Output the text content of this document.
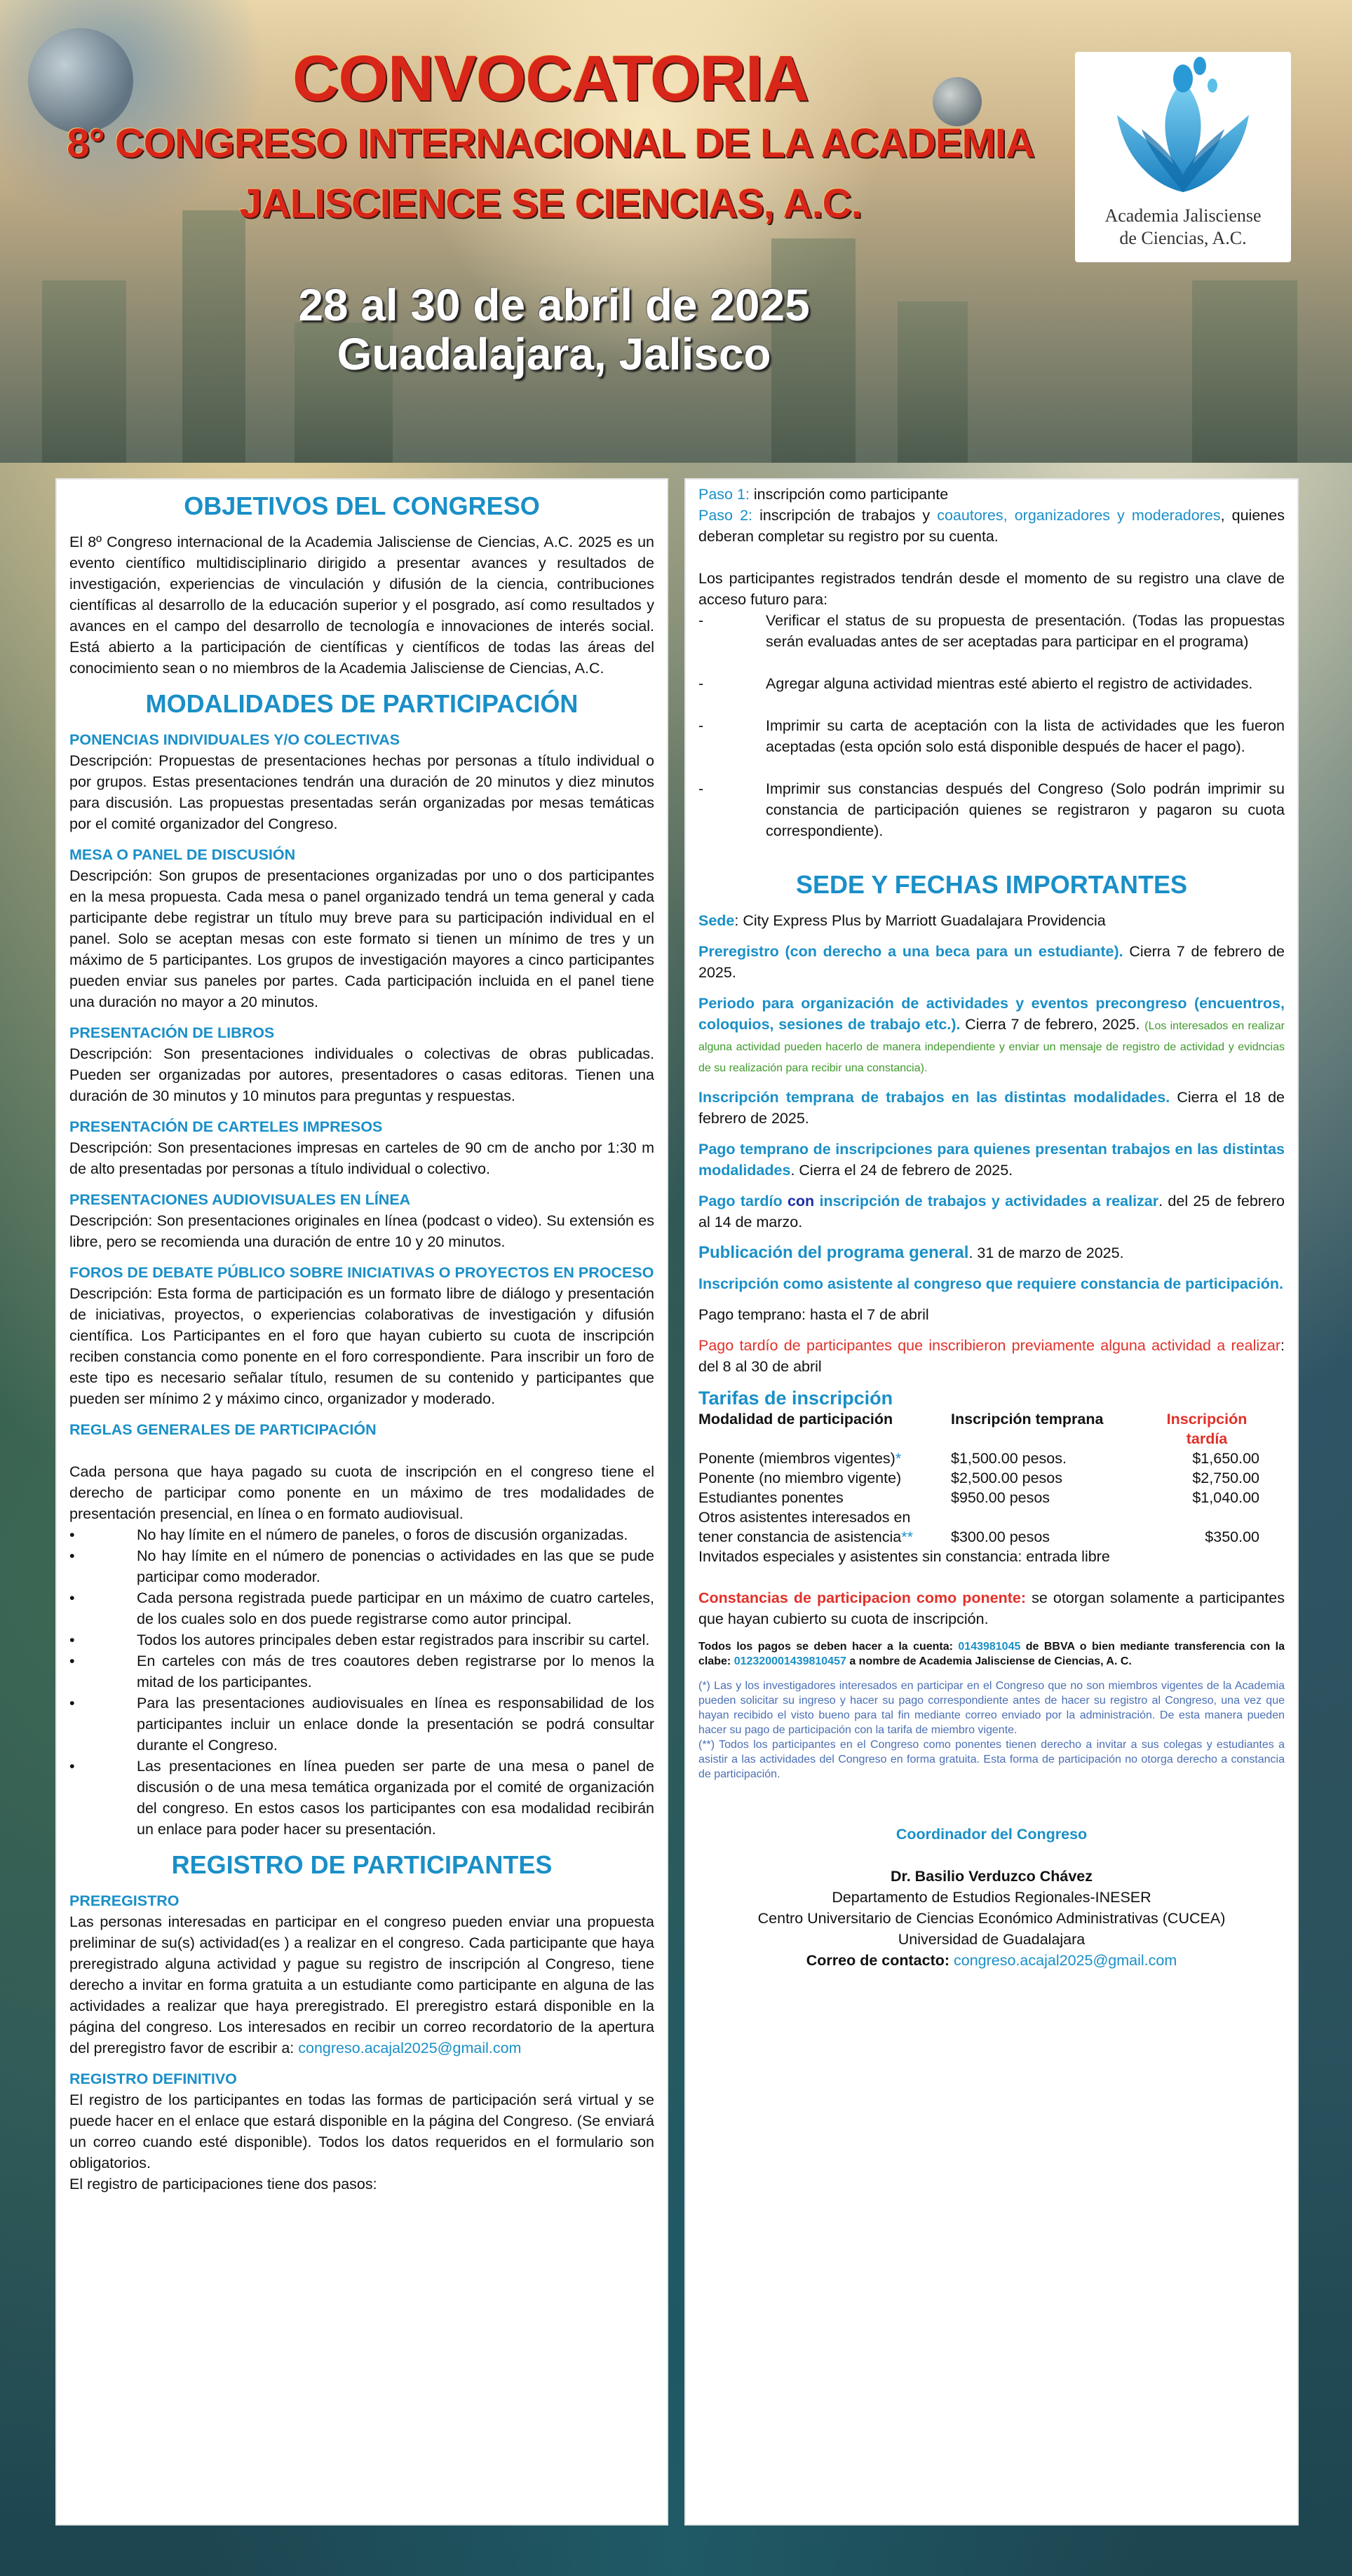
CONVOCATORIA
8° CONGRESO INTERNACIONAL DE LA ACADEMIA
JALISCIENCE SE CIENCIAS, A.C.
28 al 30 de abril de 2025
Guadalajara, Jalisco
Academia Jalisciense
de Ciencias, A.C.
OBJETIVOS DEL CONGRESO

El 8º Congreso internacional de la Academia Jalisciense de Ciencias, A.C. 2025 es un evento científico multidisciplinario dirigido a presentar avances y resultados de investigación, experiencias de vinculación y difusión de la ciencia, contribuciones científicas al desarrollo de la educación superior y el posgrado, así como resultados y avances en el campo del desarrollo de tecnología e innovaciones de interés social. Está abierto a la participación de científicas y científicos de todas las áreas del conocimiento sean o no miembros de la Academia Jalisciense de Ciencias, A.C.

MODALIDADES DE PARTICIPACIÓN
PONENCIAS INDIVIDUALES Y/O COLECTIVAS

Descripción: Propuestas de presentaciones hechas por personas a título individual o por grupos. Estas presentaciones tendrán una duración de 20 minutos y diez minutos para discusión. Las propuestas presentadas serán organizadas por mesas temáticas por el comité organizador del Congreso.

MESA O PANEL DE DISCUSIÓN

Descripción: Son grupos de presentaciones organizadas por uno o dos participantes en la mesa propuesta. Cada mesa o panel organizado tendrá un tema general y cada participante debe registrar un título muy breve para su participación individual en el panel. Solo se aceptan mesas con este formato si tienen un mínimo de tres y un máximo de 5 participantes. Los grupos de investigación mayores a cinco participantes pueden enviar sus paneles por partes. Cada participación incluida en el panel tiene una duración no mayor a 20 minutos.

PRESENTACIÓN DE LIBROS

Descripción: Son presentaciones individuales o colectivas de obras publicadas. Pueden ser organizadas por autores, presentadores o casas editoras. Tienen una duración de 30 minutos y 10 minutos para preguntas y respuestas.

PRESENTACIÓN DE CARTELES IMPRESOS

Descripción: Son presentaciones impresas en carteles de 90 cm de ancho por 1:30 m de alto presentadas por personas a título individual o colectivo.

PRESENTACIONES AUDIOVISUALES EN LÍNEA

Descripción: Son presentaciones originales en línea (podcast o video). Su extensión es libre, pero se recomienda una duración de entre 10 y 20 minutos.

FOROS DE DEBATE PÚBLICO SOBRE INICIATIVAS O PROYECTOS EN PROCESO

Descripción: Esta forma de participación es un formato libre de diálogo y presentación de iniciativas, proyectos, o experiencias colaborativas de investigación y difusión científica. Los Participantes en el foro que hayan cubierto su cuota de inscripción reciben constancia como ponente en el foro correspondiente. Para inscribir un foro de este tipo es necesario señalar título, resumen de su contenido y participantes que pueden ser mínimo 2 y máximo cinco, organizador y moderado.

REGLAS GENERALES DE PARTICIPACIÓN

Cada persona que haya pagado su cuota de inscripción en el congreso tiene el derecho de participar como ponente en un máximo de tres modalidades de presentación presencial, en línea o en formato audiovisual.

•	No hay límite en el número de paneles, o foros de discusión organizadas.

•	No hay límite en el número de ponencias o actividades en las que se pude participar como moderador.

•	Cada persona registrada puede participar en un máximo de cuatro carteles, de los cuales solo en dos puede registrarse como autor principal.

•	Todos los autores principales deben estar registrados para inscribir su cartel.

•	En carteles con más de tres coautores deben registrarse por lo menos la mitad de los participantes.

•	Para las presentaciones audiovisuales en línea es responsabilidad de los participantes incluir un enlace donde la presentación se podrá consultar durante el Congreso.

•	Las presentaciones en línea pueden ser parte de una mesa o panel de discusión o de una mesa temática organizada por el comité de organización del congreso. En estos casos los participantes con esa modalidad recibirán un enlace para poder hacer su presentación.

REGISTRO DE PARTICIPANTES
PREREGISTRO

Las personas interesadas en participar en el congreso pueden enviar una propuesta preliminar de su(s) actividad(es ) a realizar en el congreso. Cada participante que haya preregistrado alguna actividad y pague su registro de inscripción al Congreso, tiene derecho a invitar en forma gratuita a un estudiante como participante en alguna de las actividades a realizar que haya preregistrado. El preregistro estará disponible en la página del congreso. Los interesados en recibir un correo recordatorio de la apertura del preregistro favor de escribir a: congreso.acajal2025@gmail.com

REGISTRO DEFINITIVO

El registro de los participantes en todas las formas de participación será virtual y se puede hacer en el enlace que estará disponible en la página del Congreso. (Se enviará un correo cuando esté disponible). Todos los datos requeridos en el formulario son obligatorios.

El registro de participaciones tiene dos pasos:

Paso 1: inscripción como participante

Paso 2: inscripción de trabajos y coautores, organizadores y moderadores, quienes deberan completar su registro por su cuenta.

Los participantes registrados tendrán desde el momento de su registro una clave de acceso futuro para:

-	Verificar el status de su propuesta de presentación. (Todas las propuestas serán evaluadas antes de ser aceptadas para participar en el programa)

-	Agregar alguna actividad mientras esté abierto el registro de actividades.

-	Imprimir su carta de aceptación con la lista de actividades que les fueron aceptadas (esta opción solo está disponible después de hacer el pago).

-	Imprimir sus constancias después del Congreso (Solo podrán imprimir su constancia de participación quienes se registraron y pagaron su cuota correspondiente).

SEDE Y FECHAS IMPORTANTES

Sede: City Express Plus by Marriott Guadalajara Providencia

Preregistro (con derecho a una beca para un estudiante). Cierra 7 de febrero de 2025.

Periodo para organización de actividades y eventos precongreso (encuentros, coloquios, sesiones de trabajo etc.). Cierra 7 de febrero, 2025. (Los interesados en realizar alguna actividad pueden hacerlo de manera independiente y enviar un mensaje de registro de actividad y evidncias de su realización para recibir una constancia).

Inscripción temprana de trabajos en las distintas modalidades. Cierra el 18 de febrero de 2025.

Pago temprano de inscripciones para quienes presentan trabajos en las distintas modalidades. Cierra el 24 de febrero de 2025.

Pago tardío con inscripción de trabajos y actividades a realizar. del 25 de febrero al 14 de marzo.

Publicación del programa general. 31 de marzo de 2025.

Inscripción como asistente al congreso que requiere constancia de participación.

Pago temprano: hasta el 7 de abril

Pago tardío de participantes que inscribieron previamente alguna actividad a realizar: del 8 al 30 de abril

Tarifas de inscripción
Modalidad de participación	Inscripción temprana	Inscripción tardía
Ponente (miembros vigentes)*	$1,500.00 pesos.	$1,650.00
Ponente (no miembro vigente)	$2,500.00 pesos	$2,750.00
Estudiantes ponentes	$950.00 pesos	$1,040.00

Otros asistentes interesados en
tener constancia de asistencia**	$300.00 pesos	$350.00
Invitados especiales y asistentes sin constancia: entrada libre		

Constancias de participacion como ponente: se otorgan solamente a participantes que hayan cubierto su cuota de inscripción.

Todos los pagos se deben hacer a la cuenta: 0143981045 de BBVA o bien mediante transferencia con la clabe: 012320001439810457 a nombre de Academia Jalisciense de Ciencias, A. C.

(*) Las y los investigadores interesados en participar en el Congreso que no son miembros vigentes de la Academia pueden solicitar su ingreso y hacer su pago correspondiente antes de hacer su registro al Congreso, una vez que hayan recibido el visto bueno para tal fin mediante correo enviado por la administración. De esta manera pueden hacer su pago de participación con la tarifa de miembro vigente.

(**) Todos los participantes en el Congreso como ponentes tienen derecho a invitar a sus colegas y estudiantes a asistir a las actividades del Congreso en forma gratuita. Esta forma de participación no otorga derecho a constancia de participación.

Coordinador del Congreso
Dr. Basilio Verduzco Chávez
Departamento de Estudios Regionales-INESER
Centro Universitario de Ciencias Económico Administrativas (CUCEA)
Universidad de Guadalajara
Correo de contacto: congreso.acajal2025@gmail.com
